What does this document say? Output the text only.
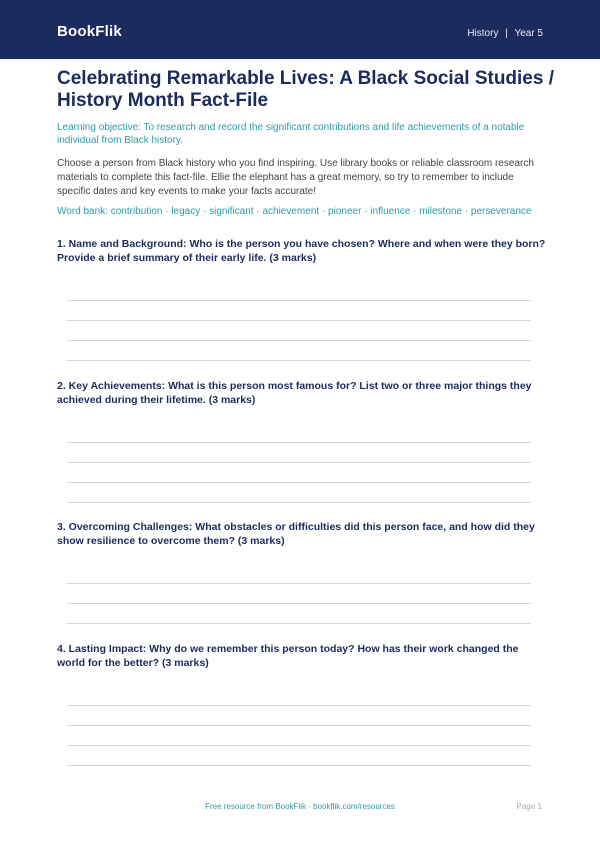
BookFlik	History | Year 5
Celebrating Remarkable Lives: A Black Social Studies / History Month Fact-File
Learning objective: To research and record the significant contributions and life achievements of a notable individual from Black history.
Choose a person from Black history who you find inspiring. Use library books or reliable classroom research materials to complete this fact-file. Ellie the elephant has a great memory, so try to remember to include specific dates and key events to make your facts accurate!
Word bank: contribution · legacy · significant · achievement · pioneer · influence · milestone · perseverance
1. Name and Background: Who is the person you have chosen? Where and when were they born? Provide a brief summary of their early life. (3 marks)
2. Key Achievements: What is this person most famous for? List two or three major things they achieved during their lifetime. (3 marks)
3. Overcoming Challenges: What obstacles or difficulties did this person face, and how did they show resilience to overcome them? (3 marks)
4. Lasting Impact: Why do we remember this person today? How has their work changed the world for the better? (3 marks)
Free resource from BookFlik · bookflik.com/resources	Page 1
